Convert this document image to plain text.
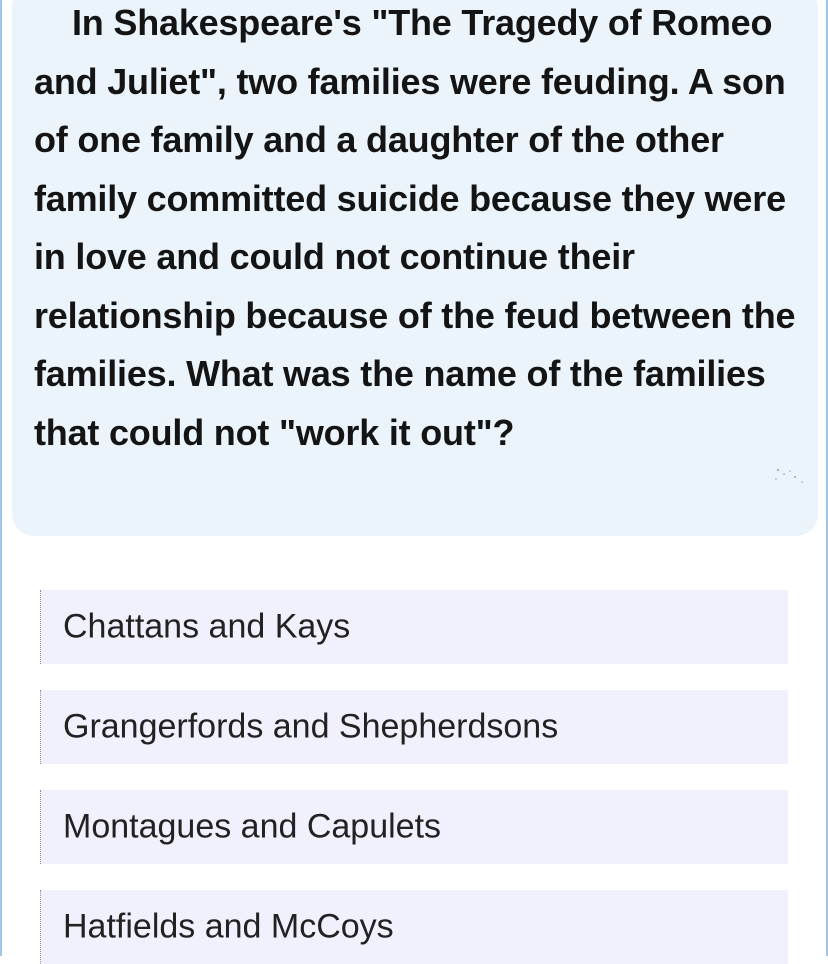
In Shakespeare's "The Tragedy of Romeo and Juliet", two families were feuding. A son of one family and a daughter of the other family committed suicide because they were in love and could not continue their relationship because of the feud between the families. What was the name of the families that could not "work it out"?

Chattans and Kays
Grangerfords and Shepherdsons
Montagues and Capulets
Hatfields and McCoys
